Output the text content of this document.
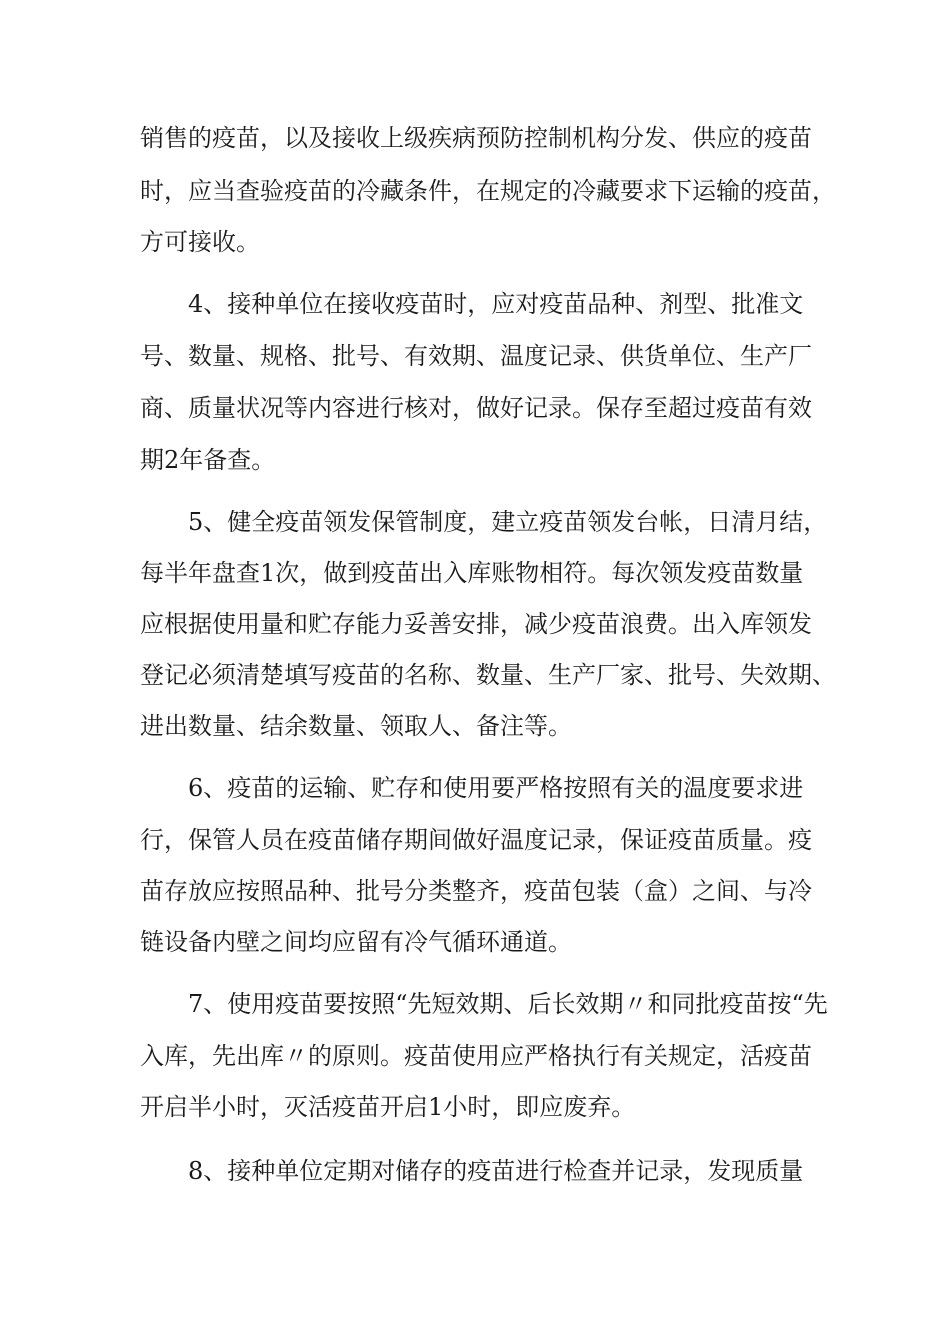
销售的疫苗，以及接收上级疾病预防控制机构分发、供应的疫苗
时，应当查验疫苗的冷藏条件，在规定的冷藏要求下运输的疫苗，
方可接收。
4、接种单位在接收疫苗时，应对疫苗品种、剂型、批准文
号、数量、规格、批号、有效期、温度记录、供货单位、生产厂
商、质量状况等内容进行核对，做好记录。保存至超过疫苗有效
期2年备查。
5、健全疫苗领发保管制度，建立疫苗领发台帐，日清月结，
每半年盘查1次，做到疫苗出入库账物相符。每次领发疫苗数量
应根据使用量和贮存能力妥善安排，减少疫苗浪费。出入库领发
登记必须清楚填写疫苗的名称、数量、生产厂家、批号、失效期、
进出数量、结余数量、领取人、备注等。
6、疫苗的运输、贮存和使用要严格按照有关的温度要求进
行，保管人员在疫苗储存期间做好温度记录，保证疫苗质量。疫
苗存放应按照品种、批号分类整齐，疫苗包装（盒）之间、与冷
链设备内壁之间均应留有冷气循环通道。
7、使用疫苗要按照“先短效期、后长效期〃和同批疫苗按“先
入库，先出库〃的原则。疫苗使用应严格执行有关规定，活疫苗
开启半小时，灭活疫苗开启1小时，即应废弃。
8、接种单位定期对储存的疫苗进行检查并记录，发现质量
